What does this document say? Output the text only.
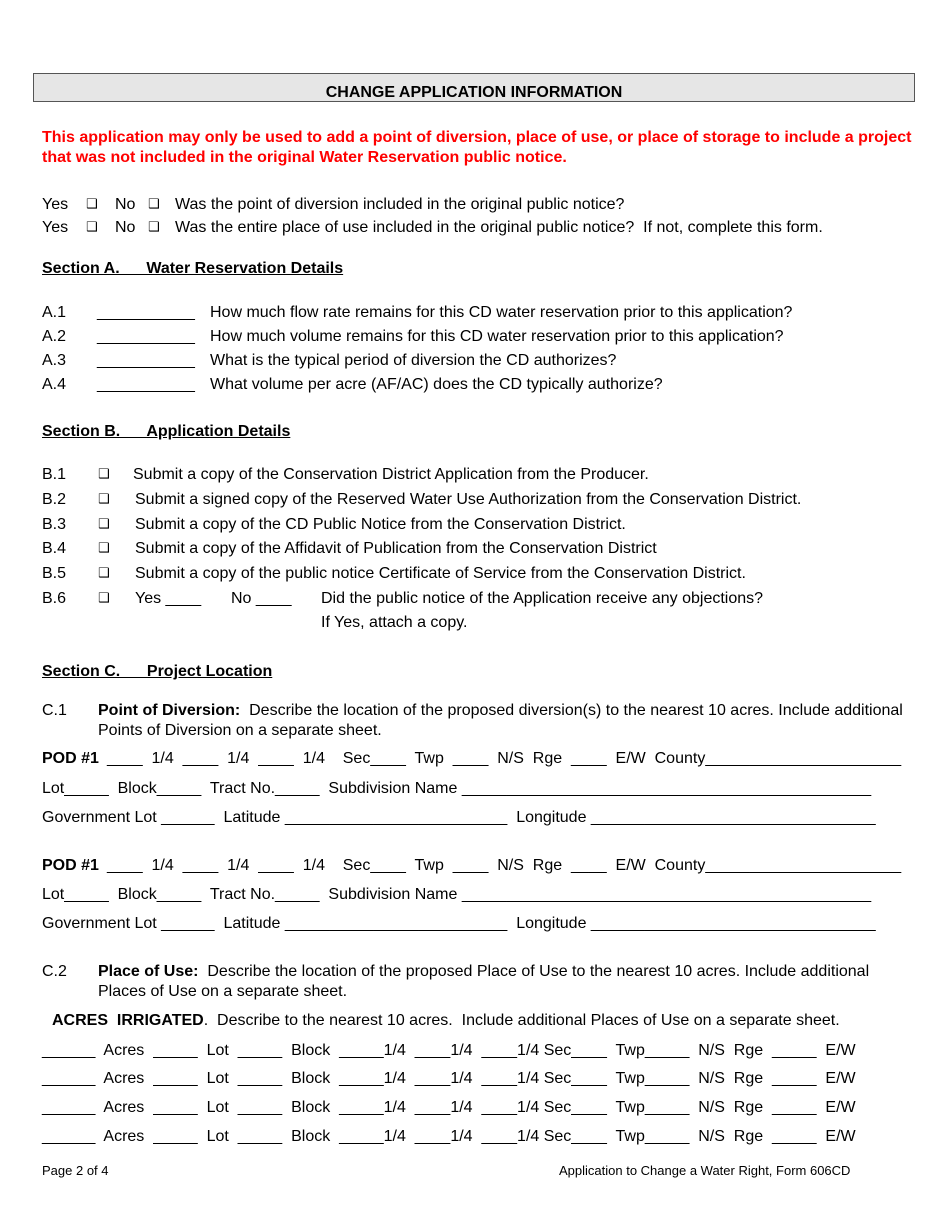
CHANGE APPLICATION INFORMATION
This application may only be used to add a point of diversion, place of use, or place of storage to include a project that was not included in the original Water Reservation public notice.
Yes ❑ No ❑ Was the point of diversion included in the original public notice?
Yes ❑ No ❑ Was the entire place of use included in the original public notice?  If not, complete this form.
Section A.      Water Reservation Details
A.1 ___________ How much flow rate remains for this CD water reservation prior to this application?
A.2 ___________ How much volume remains for this CD water reservation prior to this application?
A.3 ___________ What is the typical period of diversion the CD authorizes?
A.4 ___________ What volume per acre (AF/AC) does the CD typically authorize?
Section B.      Application Details
B.1 ❑ Submit a copy of the Conservation District Application from the Producer.
B.2 ❑ Submit a signed copy of the Reserved Water Use Authorization from the Conservation District.
B.3 ❑ Submit a copy of the CD Public Notice from the Conservation District.
B.4 ❑ Submit a copy of the Affidavit of Publication from the Conservation District
B.5 ❑ Submit a copy of the public notice Certificate of Service from the Conservation District.
B.6 ❑ Yes ____ No ____ Did the public notice of the Application receive any objections?
If Yes, attach a copy.
Section C.      Project Location
C.1 Point of Diversion: Describe the location of the proposed diversion(s) to the nearest 10 acres. Include additional Points of Diversion on a separate sheet.
POD #1 ____  1/4  ____  1/4  ____  1/4    Sec____  Twp  ____  N/S  Rge  ____  E/W  County______________________
Lot_____  Block_____  Tract No._____  Subdivision Name ______________________________________________
Government Lot ______  Latitude _________________________  Longitude ________________________________
POD #1 ____  1/4  ____  1/4  ____  1/4    Sec____  Twp  ____  N/S  Rge  ____  E/W  County______________________
Lot_____  Block_____  Tract No._____  Subdivision Name ______________________________________________
Government Lot ______  Latitude _________________________  Longitude ________________________________
C.2 Place of Use: Describe the location of the proposed Place of Use to the nearest 10 acres. Include additional Places of Use on a separate sheet.
ACRES  IRRIGATED.  Describe to the nearest 10 acres.  Include additional Places of Use on a separate sheet.
______  Acres  _____  Lot  _____  Block  _____1/4  ____1/4  ____1/4 Sec____  Twp_____  N/S  Rge  _____  E/W
______  Acres  _____  Lot  _____  Block  _____1/4  ____1/4  ____1/4 Sec____  Twp_____  N/S  Rge  _____  E/W
______  Acres  _____  Lot  _____  Block  _____1/4  ____1/4  ____1/4 Sec____  Twp_____  N/S  Rge  _____  E/W
______  Acres  _____  Lot  _____  Block  _____1/4  ____1/4  ____1/4 Sec____  Twp_____  N/S  Rge  _____  E/W
Page 2 of 4	Application to Change a Water Right, Form 606CD
